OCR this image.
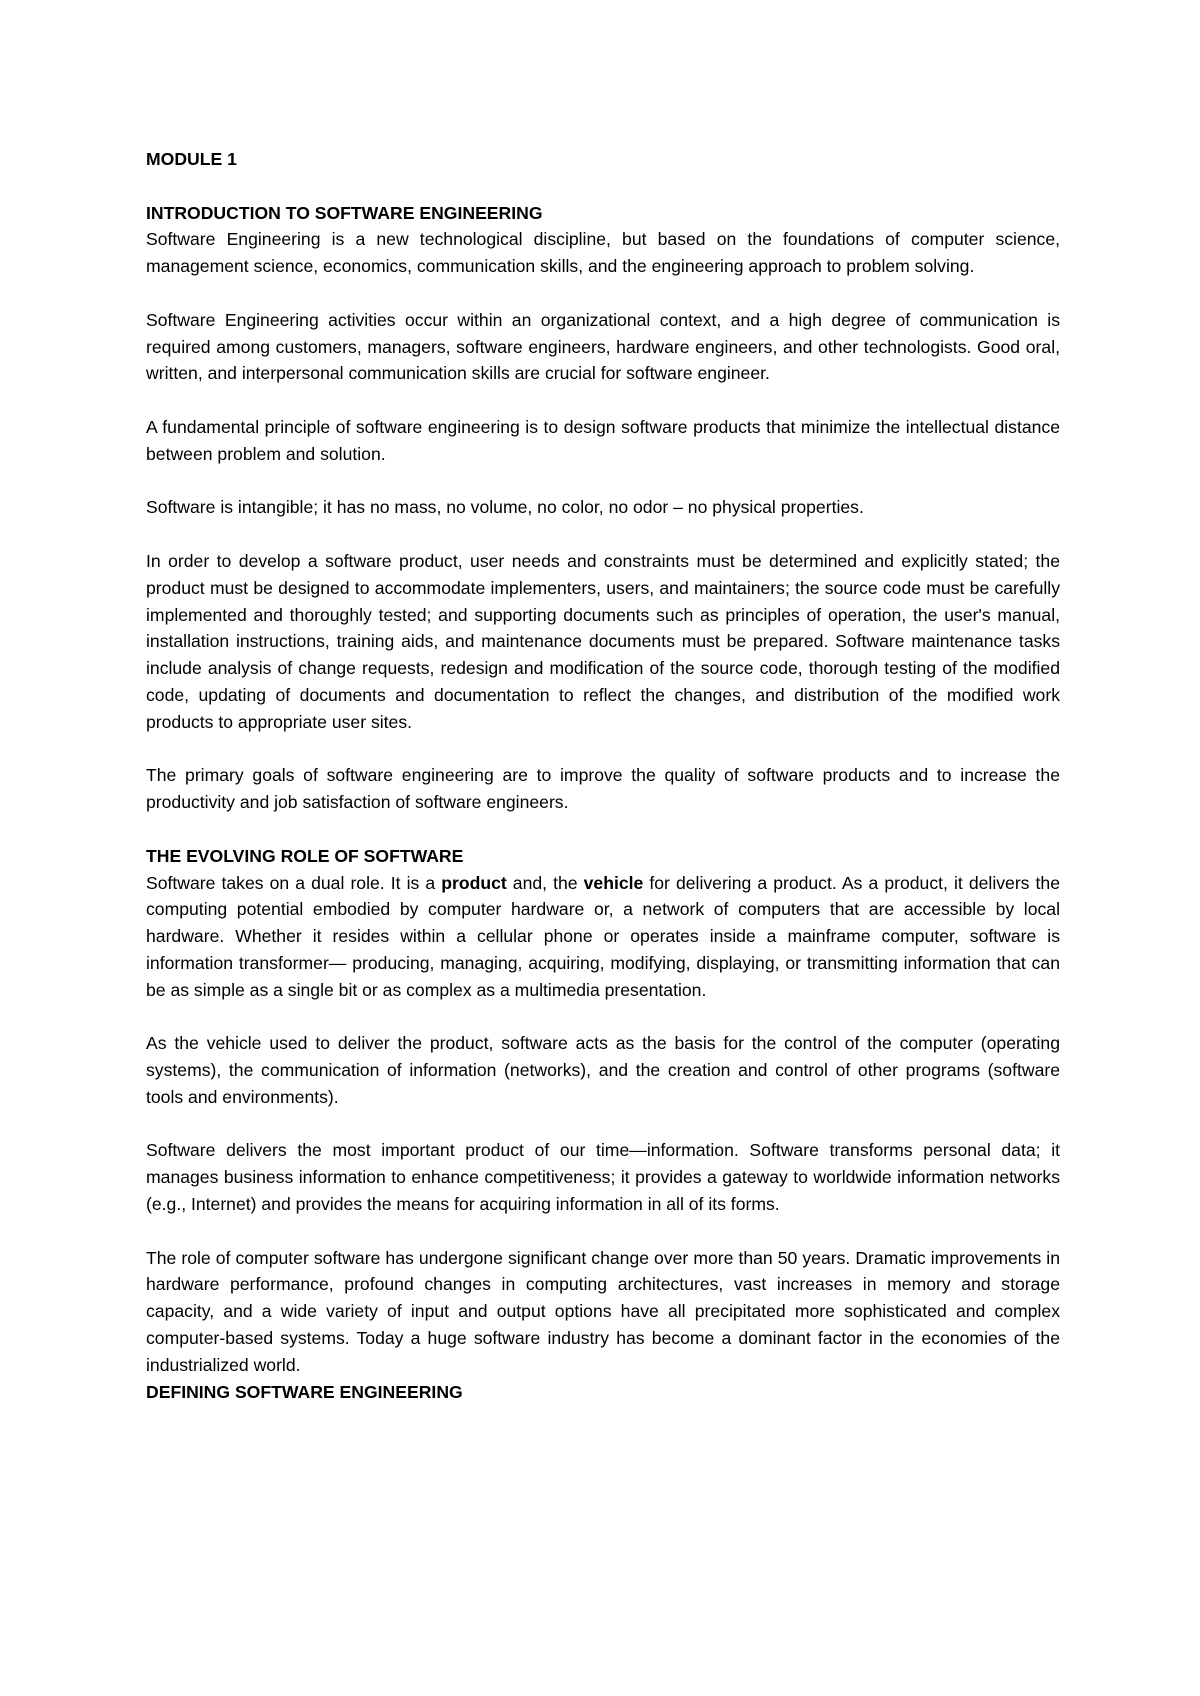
MODULE 1
INTRODUCTION TO SOFTWARE ENGINEERING

Software Engineering is a new technological discipline, but based on the foundations of computer science, management science, economics, communication skills, and the engineering approach to problem solving.

Software Engineering activities occur within an organizational context, and a high degree of communication is required among customers, managers, software engineers, hardware engineers, and other technologists. Good oral, written, and interpersonal communication skills are crucial for software engineer.

A fundamental principle of software engineering is to design software products that minimize the intellectual distance between problem and solution.

Software is intangible; it has no mass, no volume, no color, no odor – no physical properties.

In order to develop a software product, user needs and constraints must be determined and explicitly stated; the product must be designed to accommodate implementers, users, and maintainers; the source code must be carefully implemented and thoroughly tested; and supporting documents such as principles of operation, the user's manual, installation instructions, training aids, and maintenance documents must be prepared. Software maintenance tasks include analysis of change requests, redesign and modification of the source code, thorough testing of the modified code, updating of documents and documentation to reflect the changes, and distribution of the modified work products to appropriate user sites.

The primary goals of software engineering are to improve the quality of software products and to increase the productivity and job satisfaction of software engineers.

THE EVOLVING ROLE OF SOFTWARE

Software takes on a dual role. It is a product and, the vehicle for delivering a product. As a product, it delivers the computing potential embodied by computer hardware or, a network of computers that are accessible by local hardware. Whether it resides within a cellular phone or operates inside a mainframe computer, software is information transformer— producing, managing, acquiring, modifying, displaying, or transmitting information that can be as simple as a single bit or as complex as a multimedia presentation.

As the vehicle used to deliver the product, software acts as the basis for the control of the computer (operating systems), the communication of information (networks), and the creation and control of other programs (software tools and environments).

Software delivers the most important product of our time—information. Software transforms personal data; it manages business information to enhance competitiveness; it provides a gateway to worldwide information networks (e.g., Internet) and provides the means for acquiring information in all of its forms.

The role of computer software has undergone significant change over more than 50 years. Dramatic improvements in hardware performance, profound changes in computing architectures, vast increases in memory and storage capacity, and a wide variety of input and output options have all precipitated more sophisticated and complex computer-based systems. Today a huge software industry has become a dominant factor in the economies of the industrialized world.

DEFINING SOFTWARE ENGINEERING
